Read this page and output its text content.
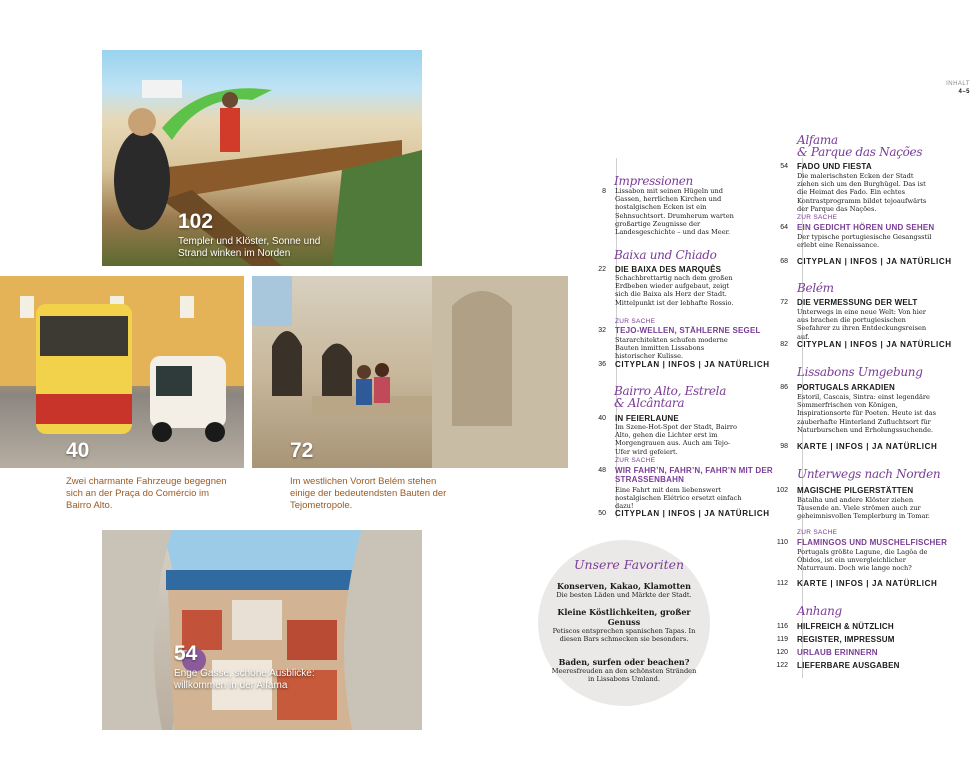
INHALT
4–5
102
Templer und Klöster, Sonne und Strand winken im Norden
40
Zwei charmante Fahrzeuge begegnen sich an der Praça do Comércio im Bairro Alto.
72
Im westlichen Vorort Belém stehen einige der bedeutendsten Bauten der Tejometropole.
54
Enge Gasse, schöne Ausblicke: willkommen in der Alfama
Impressionen
8 Lissabon mit seinen Hügeln und Gassen, herrlichen Kirchen und nostalgischen Ecken ist ein Sehnsuchtsort. Drumherum warten großartige Zeugnisse der Landesgeschichte – und das Meer.
Baixa und Chiado
22 DIE BAIXA DES MARQUÊS
Schachbrettartig nach dem großen Erdbeben wieder aufgebaut, zeigt sich die Baixa als Herz der Stadt. Mittelpunkt ist der lebhafte Rossio.
ZUR SACHE
32 TEJO-WELLEN, STÄHLERNE SEGEL
Stararchitekten schufen moderne Bauten inmitten Lissabons historischer Kulisse.
36 CITYPLAN | INFOS | JA NATÜRLICH
Bairro Alto, Estrela
& Alcântara
40 IN FEIERLAUNE
Im Szene-Hot-Spot der Stadt, Bairro Alto, gehen die Lichter erst im Morgengrauen aus. Auch am Tejo-Ufer wird gefeiert.
ZUR SACHE
48 WIR FAHR’N, FAHR’N, FAHR’N MIT DER
STRASSENBAHN
Eine Fahrt mit dem liebenswert nostalgischen Elétrico ersetzt einfach dazu!
50 CITYPLAN | INFOS | JA NATÜRLICH
Unsere Favoriten
Konserven, Kakao, Klamotten
Die besten Läden und Märkte der Stadt.
Kleine Köstlichkeiten, großer Genuss
Petiscos entsprechen spanischen Tapas. In diesen Bars schmecken sie besonders.
Baden, surfen oder beachen?
Meeresfreuden an den schönsten Stränden in Lissabons Umland.
Alfama
& Parque das Nações
54 FADO UND FIESTA
Die malerischsten Ecken der Stadt ziehen sich um den Burghügel. Das ist die Heimat des Fado. Ein echtes Kontrastprogramm bildet tejoaufwärts der Parque das Nações.
ZUR SACHE
64 EIN GEDICHT HÖREN UND SEHEN
Der typische portugiesische Gesangsstil erlebt eine Renaissance.
68 CITYPLAN | INFOS | JA NATÜRLICH
Belém
72 DIE VERMESSUNG DER WELT
Unterwegs in eine neue Welt: Von hier aus brachen die portugiesischen Seefahrer zu ihren Entdeckungsreisen auf.
82 CITYPLAN | INFOS | JA NATÜRLICH
Lissabons Umgebung
86 PORTUGALS ARKADIEN
Estoril, Cascais, Sintra: einst legendäre Sommerfrischen von Königen, Inspirationsorte für Poeten. Heute ist das zauberhafte Hinterland Zufluchtsort für Naturburschen und Erholungssuchende.
98 KARTE | INFOS | JA NATÜRLICH
Unterwegs nach Norden
102 MAGISCHE PILGERSTÄTTEN
Batalha und andere Klöster ziehen Tausende an. Viele strömen auch zur geheimnisvollen Templerburg in Tomar.
ZUR SACHE
110 FLAMINGOS UND MUSCHELFISCHER
Portugals größte Lagune, die Lagôa de Óbidos, ist ein unvergleichlicher Naturraum. Doch wie lange noch?
112 KARTE | INFOS | JA NATÜRLICH
Anhang
116 HILFREICH & NÜTZLICH
119 REGISTER, IMPRESSUM
120 URLAUB ERINNERN
122 LIEFERBARE AUSGABEN
